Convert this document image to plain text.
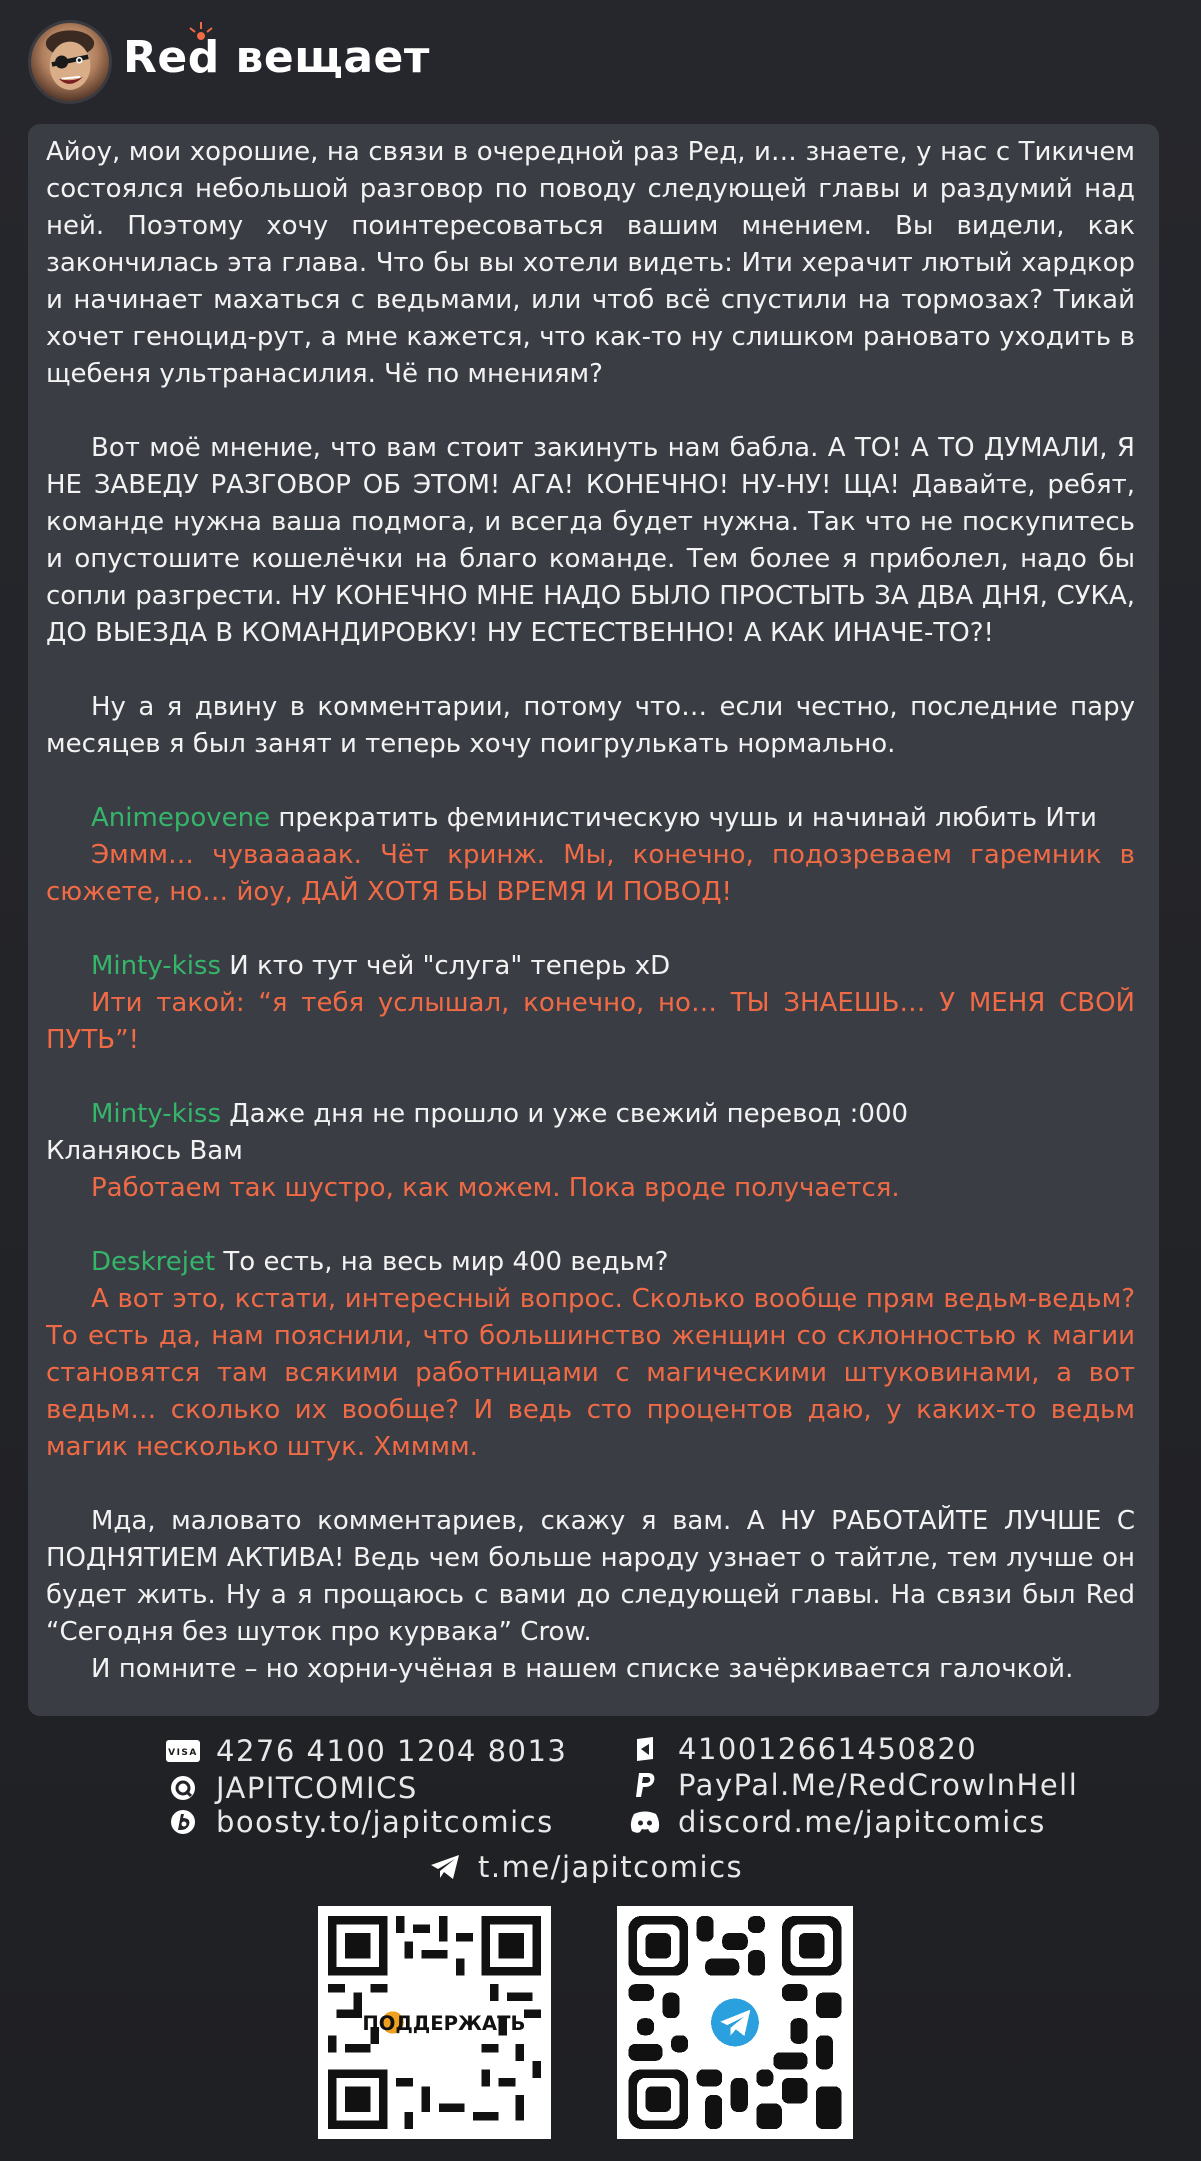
Red вещает

Айоу, мои хорошие, на связи в очередной раз Ред, и… знаете, у нас с Тикичем состоялся небольшой разговор по поводу следующей главы и раздумий над ней. Поэтому хочу поинтересоваться вашим мнением. Вы видели, как закончилась эта глава. Что бы вы хотели видеть: Ити херачит лютый хардкор и начинает махаться с ведьмами, или чтоб всё спустили на тормозах? Тикай хочет геноцид-рут, а мне кажется, что как-то ну слишком рановато уходить в щебеня ультранасилия. Чё по мнениям?

Вот моё мнение, что вам стоит закинуть нам бабла. А ТО! А ТО ДУМАЛИ, Я НЕ ЗАВЕДУ РАЗГОВОР ОБ ЭТОМ! АГА! КОНЕЧНО! НУ-НУ! ЩА! Давайте, ребят, команде нужна ваша подмога, и всегда будет нужна. Так что не поскупитесь и опустошите кошелёчки на благо команде. Тем более я приболел, надо бы сопли разгрести. НУ КОНЕЧНО МНЕ НАДО БЫЛО ПРОСТЫТЬ ЗА ДВА ДНЯ, СУКА, ДО ВЫЕЗДА В КОМАНДИРОВКУ! НУ ЕСТЕСТВЕННО! А КАК ИНАЧЕ-ТО?!

Ну а я двину в комментарии, потому что… если честно, последние пару месяцев я был занят и теперь хочу поигрулькать нормально.

Animepovene прекратить феминистическую чушь и начинай любить Ити

Эммм… чуваааaак. Чёт кринж. Мы, конечно, подозреваем гаремник в сюжете, но… йоу, ДАЙ ХОТЯ БЫ ВРЕМЯ И ПОВОД!

Minty-kiss И кто тут чей "слуга" теперь xD

Ити такой: “я тебя услышал, конечно, но… ТЫ ЗНАЕШЬ… У МЕНЯ СВОЙ ПУТЬ”!

Minty-kiss Даже дня не прошло и уже свежий перевод :000

Кланяюсь Вам

Работаем так шустро, как можем. Пока вроде получается.

Deskrejet То есть, на весь мир 400 ведьм?

А вот это, кстати, интересный вопрос. Сколько вообще прям ведьм-ведьм? То есть да, нам пояснили, что большинство женщин со склонностью к магии становятся там всякими работницами с магическими штуковинами, а вот ведьм… сколько их вообще? И ведь сто процентов даю, у каких-то ведьм магик несколько штук. Хмммм.

Мда, маловато комментариев, скажу я вам. А НУ РАБОТАЙТЕ ЛУЧШЕ С ПОДНЯТИЕМ АКТИВА! Ведь чем больше народу узнает о тайтле, тем лучше он будет жить. Ну а я прощаюсь с вами до следующей главы. На связи был Red “Сегодня без шуток про курвака” Crow.

И помните – но хорни-учёная в нашем списке зачёркивается галочкой.

VISA 4276 4100 1204 8013
JAPITCOMICS
boosty.to/japitcomics
410012661450820
PayPal.Me/RedCrowInHell
discord.me/japitcomics
t.me/japitcomics
ПОДДЕРЖАТЬ
